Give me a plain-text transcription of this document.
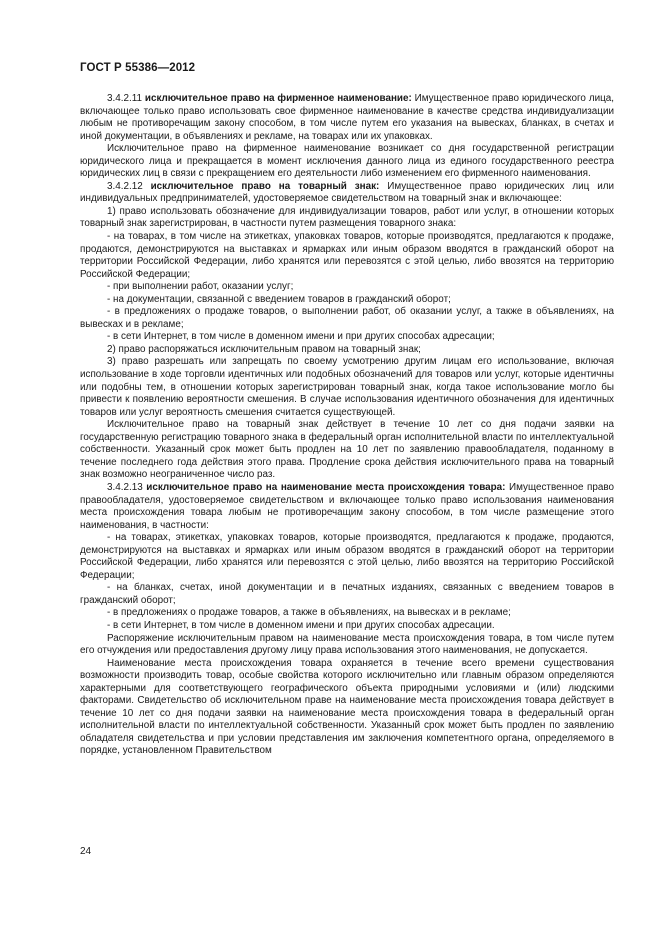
ГОСТ Р 55386—2012

3.4.2.11 исключительное право на фирменное наименование: Имущественное право юридического лица, включающее только право использовать свое фирменное наименование в качестве средства индивидуализации любым не противоречащим закону способом, в том числе путем его указания на вывесках, бланках, в счетах и иной документации, в объявлениях и рекламе, на товарах или их упаковках.

Исключительное право на фирменное наименование возникает со дня государственной регистрации юридического лица и прекращается в момент исключения данного лица из единого государственного реестра юридических лиц в связи с прекращением его деятельности либо изменением его фирменного наименования.

3.4.2.12 исключительное право на товарный знак: Имущественное право юридических лиц или индивидуальных предпринимателей, удостоверяемое свидетельством на товарный знак и включающее:

1) право использовать обозначение для индивидуализации товаров, работ или услуг, в отношении которых товарный знак зарегистрирован, в частности путем размещения товарного знака:

- на товарах, в том числе на этикетках, упаковках товаров, которые производятся, предлагаются к продаже, продаются, демонстрируются на выставках и ярмарках или иным образом вводятся в гражданский оборот на территории Российской Федерации, либо хранятся или перевозятся с этой целью, либо ввозятся на территорию Российской Федерации;

- при выполнении работ, оказании услуг;

- на документации, связанной с введением товаров в гражданский оборот;

- в предложениях о продаже товаров, о выполнении работ, об оказании услуг, а также в объявлениях, на вывесках и в рекламе;

- в сети Интернет, в том числе в доменном имени и при других способах адресации;

2) право распоряжаться исключительным правом на товарный знак;

3) право разрешать или запрещать по своему усмотрению другим лицам его использование, включая использование в ходе торговли идентичных или подобных обозначений для товаров или услуг, которые идентичны или подобны тем, в отношении которых зарегистрирован товарный знак, когда такое использование могло бы привести к появлению вероятности смешения. В случае использования идентичного обозначения для идентичных товаров или услуг вероятность смешения считается существующей.

Исключительное право на товарный знак действует в течение 10 лет со дня подачи заявки на государственную регистрацию товарного знака в федеральный орган исполнительной власти по интеллектуальной собственности. Указанный срок может быть продлен на 10 лет по заявлению правообладателя, поданному в течение последнего года действия этого права. Продление срока действия исключительного права на товарный знак возможно неограниченное число раз.

3.4.2.13 исключительное право на наименование места происхождения товара: Имущественное право правообладателя, удостоверяемое свидетельством и включающее только право использования наименования места происхождения товара любым не противоречащим закону способом, в том числе размещение этого наименования, в частности:

- на товарах, этикетках, упаковках товаров, которые производятся, предлагаются к продаже, продаются, демонстрируются на выставках и ярмарках или иным образом вводятся в гражданский оборот на территории Российской Федерации, либо хранятся или перевозятся с этой целью, либо ввозятся на территорию Российской Федерации;

- на бланках, счетах, иной документации и в печатных изданиях, связанных с введением товаров в гражданский оборот;

- в предложениях о продаже товаров, а также в объявлениях, на вывесках и в рекламе;

- в сети Интернет, в том числе в доменном имени и при других способах адресации.

Распоряжение исключительным правом на наименование места происхождения товара, в том числе путем его отчуждения или предоставления другому лицу права использования этого наименования, не допускается.

Наименование места происхождения товара охраняется в течение всего времени существования возможности производить товар, особые свойства которого исключительно или главным образом определяются характерными для соответствующего географического объекта природными условиями и (или) людскими факторами. Свидетельство об исключительном праве на наименование места происхождения товара действует в течение 10 лет со дня подачи заявки на наименование места происхождения товара в федеральный орган исполнительной власти по интеллектуальной собственности. Указанный срок может быть продлен по заявлению обладателя свидетельства и при условии представления им заключения компетентного органа, определяемого в порядке, установленном Правительством

24
